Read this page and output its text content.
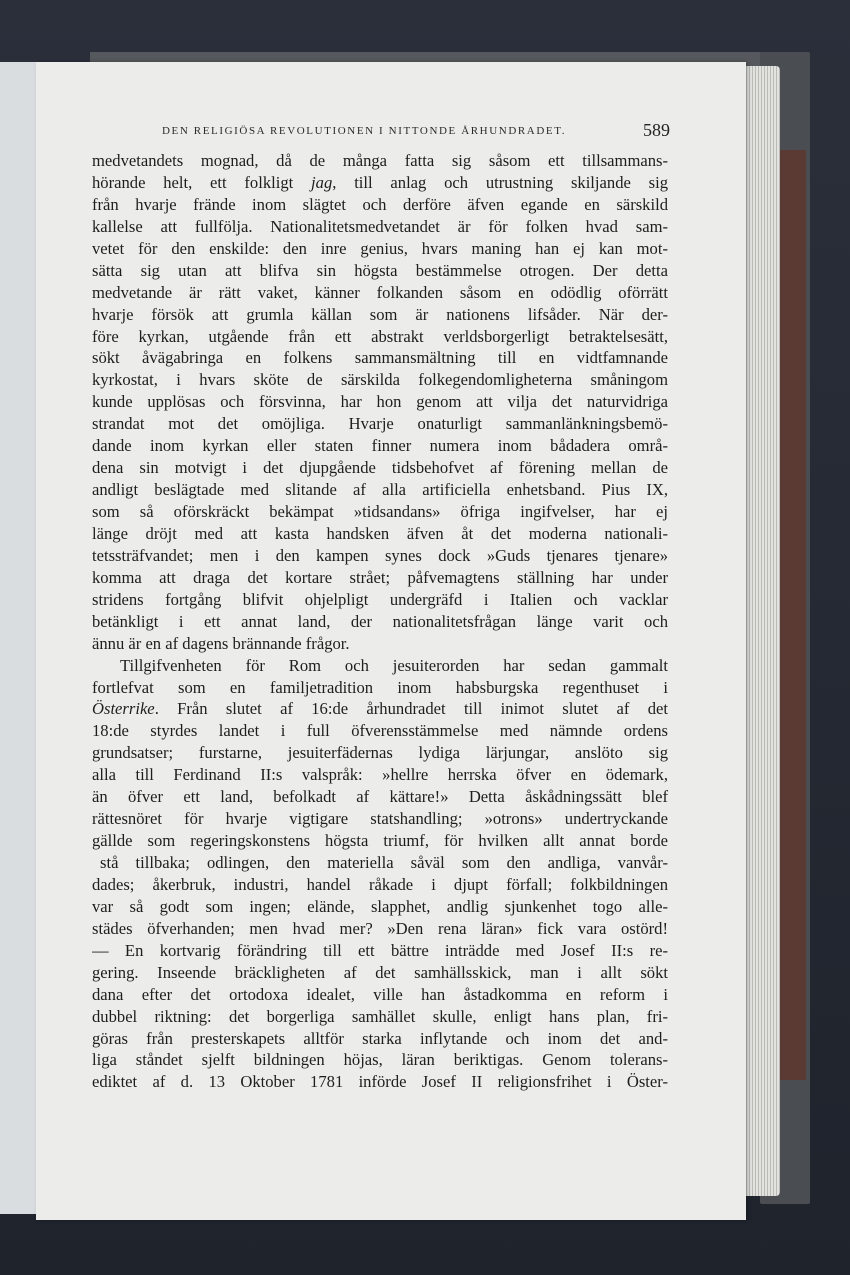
DEN RELIGIÖSA REVOLUTIONEN I NITTONDE ÅRHUNDRADET.	589
medvetandets mognad, då de många fatta sig såsom ett tillsammans-
hörande helt, ett folkligt jag, till anlag och utrustning skiljande sig
från hvarje frände inom slägtet och derföre äfven egande en särskild
kallelse att fullfölja. Nationalitetsmedvetandet är för folken hvad sam-
vetet för den enskilde: den inre genius, hvars maning han ej kan mot-
sätta sig utan att blifva sin högsta bestämmelse otrogen. Der detta
medvetande är rätt vaket, känner folkanden såsom en odödlig oförrätt
hvarje försök att grumla källan som är nationens lifsåder. När der-
före kyrkan, utgående från ett abstrakt verldsborgerligt betraktelsesätt,
sökt åvägabringa en folkens sammansmältning till en vidtfamnande
kyrkostat, i hvars sköte de särskilda folkegendomligheterna småningom
kunde upplösas och försvinna, har hon genom att vilja det naturvidriga
strandat mot det omöjliga. Hvarje onaturligt sammanlänkningsbemö-
dande inom kyrkan eller staten finner numera inom bådadera områ-
dena sin motvigt i det djupgående tidsbehofvet af förening mellan de
andligt beslägtade med slitande af alla artificiella enhetsband. Pius IX,
som så oförskräckt bekämpat »tidsandans» öfriga ingifvelser, har ej
länge dröjt med att kasta handsken äfven åt det moderna nationali-
tetssträfvandet; men i den kampen synes dock »Guds tjenares tjenare»
komma att draga det kortare strået; påfvemagtens ställning har under
stridens fortgång blifvit ohjelpligt undergräfd i Italien och vacklar
betänkligt i ett annat land, der nationalitetsfrågan länge varit och
ännu är en af dagens brännande frågor.
Tillgifvenheten för Rom och jesuiterorden har sedan gammalt
fortlefvat som en familjetradition inom habsburgska regenthuset i
Österrike. Från slutet af 16:de århundradet till inimot slutet af det
18:de styrdes landet i full öfverensstämmelse med nämnde ordens
grundsatser; furstarne, jesuiterfädernas lydiga lärjungar, anslöto sig
alla till Ferdinand II:s valspråk: »hellre herrska öfver en ödemark,
än öfver ett land, befolkadt af kättare!» Detta åskådningssätt blef
rättesnöret för hvarje vigtigare statshandling; »otrons» undertryckande
gällde som regeringskonstens högsta triumf, för hvilken allt annat borde
stå tillbaka; odlingen, den materiella såväl som den andliga, vanvår-
dades; åkerbruk, industri, handel råkade i djupt förfall; folkbildningen
var så godt som ingen; elände, slapphet, andlig sjunkenhet togo alle-
städes öfverhanden; men hvad mer? »Den rena läran» fick vara ostörd!
— En kortvarig förändring till ett bättre inträdde med Josef II:s re-
gering. Inseende bräckligheten af det samhällsskick, man i allt sökt
dana efter det ortodoxa idealet, ville han åstadkomma en reform i
dubbel riktning: det borgerliga samhället skulle, enligt hans plan, fri-
göras från presterskapets alltför starka inflytande och inom det and-
liga ståndet sjelft bildningen höjas, läran beriktigas. Genom tolerans-
ediktet af d. 13 Oktober 1781 införde Josef II religionsfrihet i Öster-
